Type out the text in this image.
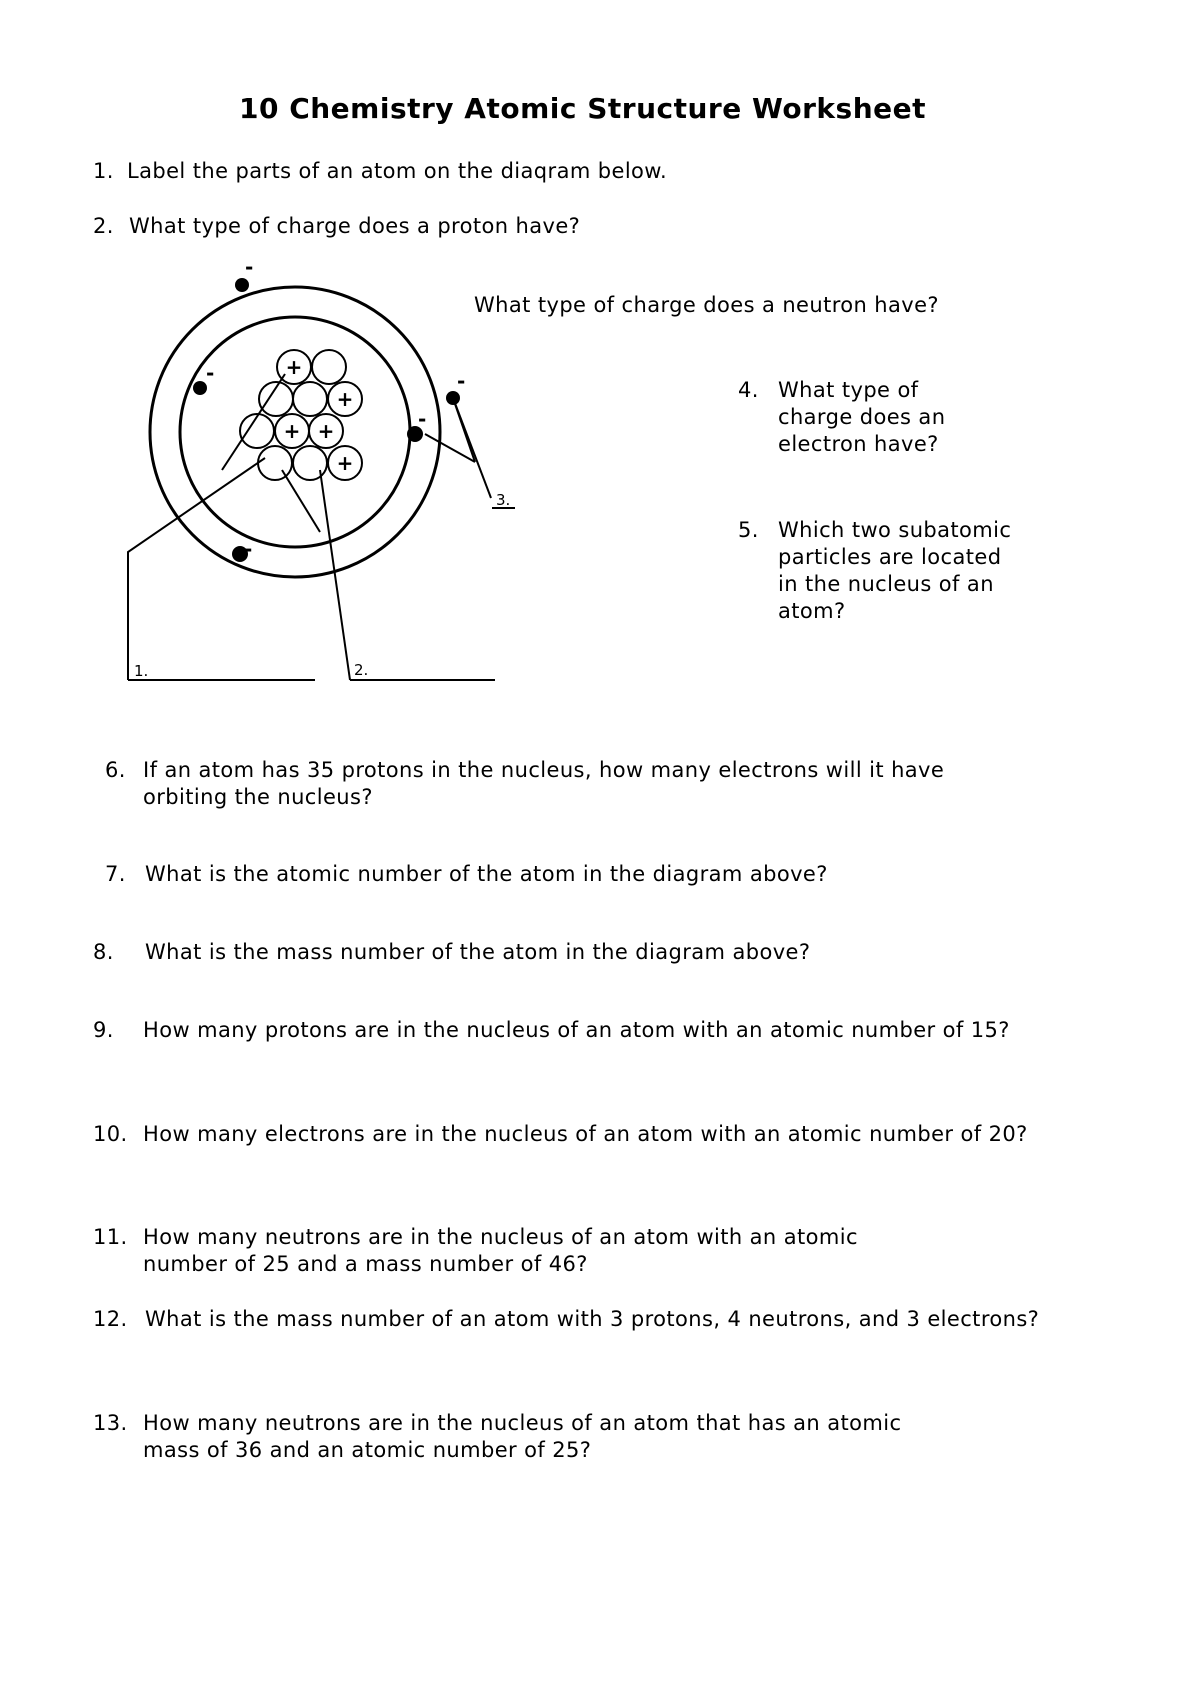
10 Chemistry Atomic Structure Worksheet
1. Label the parts of an atom on the diaqram below.
2. What type of charge does a proton have?
What type of charge does a neutron have?
4. What type of charge does an electron have?
5. Which two subatomic particles are located in the nucleus of an atom?
6. If an atom has 35 protons in the nucleus, how many electrons will it have orbiting the nucleus?
7. What is the atomic number of the atom in the diagram above?
8.	What is the mass number of the atom in the diagram above?
9.	How many protons are in the nucleus of an atom with an atomic number of 15?
10. How many electrons are in the nucleus of an atom with an atomic number of 20?
11. How many neutrons are in the nucleus of an atom with an atomic number of 25 and a mass number of 46?
12. What is the mass number of an atom with 3 protons, 4 neutrons, and 3 electrons?
13. How many neutrons are in the nucleus of an atom that has an atomic mass of 36 and an atomic number of 25?
+
+
+ +
+
-
-	-
-
-
1.	2.
3.
